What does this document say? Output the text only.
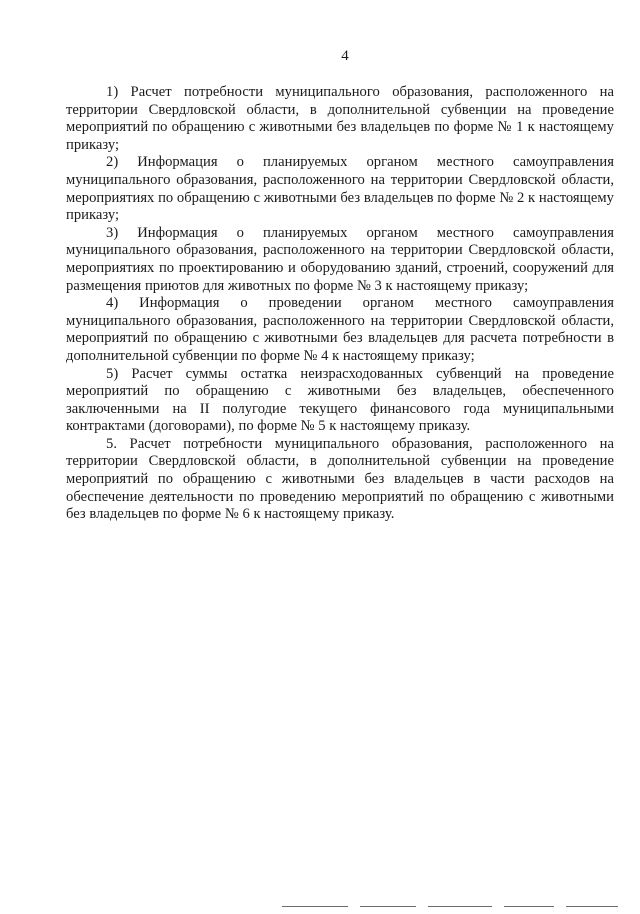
4

1) Расчет потребности муниципального образования, расположенного на территории Свердловской области, в дополнительной субвенции на проведение мероприятий по обращению с животными без владельцев по форме № 1 к настоящему приказу;

2) Информация о планируемых органом местного самоуправления муниципального образования, расположенного на территории Свердловской области, мероприятиях по обращению с животными без владельцев по форме № 2 к настоящему приказу;

3) Информация о планируемых органом местного самоуправления муниципального образования, расположенного на территории Свердловской области, мероприятиях по проектированию и оборудованию зданий, строений, сооружений для размещения приютов для животных по форме № 3 к настоящему приказу;

4) Информация о проведении органом местного самоуправления муниципального образования, расположенного на территории Свердловской области, мероприятий по обращению с животными без владельцев для расчета потребности в дополнительной субвенции по форме № 4 к настоящему приказу;

5) Расчет суммы остатка неизрасходованных субвенций на проведение мероприятий по обращению с животными без владельцев, обеспеченного заключенными на II полугодие текущего финансового года муниципальными контрактами (договорами), по форме № 5 к настоящему приказу.

5. Расчет потребности муниципального образования, расположенного на территории Свердловской области, в дополнительной субвенции на проведение мероприятий по обращению с животными без владельцев в части расходов на обеспечение деятельности по проведению мероприятий по обращению с животными без владельцев по форме № 6 к настоящему приказу.
